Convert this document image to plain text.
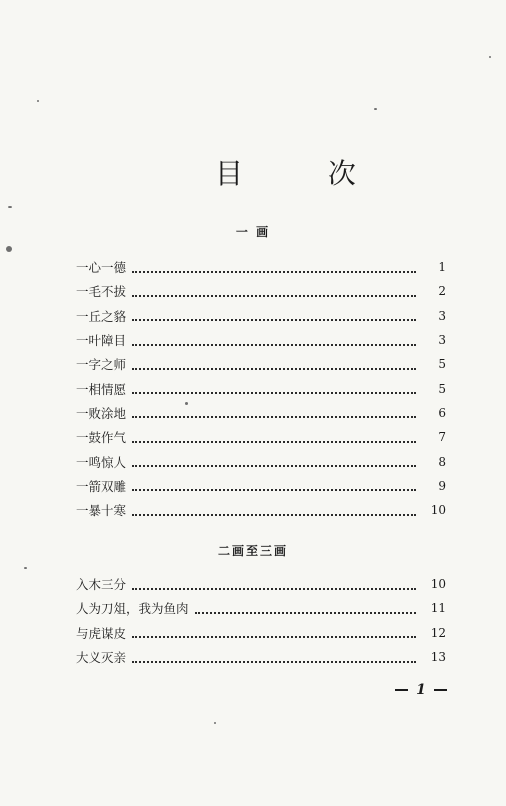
目 次
一 画
一心一德	1
一毛不拔	2
一丘之貉	3
一叶障目	3
一字之师	5
一相情愿	5
一败涂地	6
一鼓作气	7
一鸣惊人	8
一箭双雕	9
一暴十寒	10
二画至三画
入木三分	10
人为刀俎，我为鱼肉	11
与虎谋皮	12
大义灭亲	13
1
